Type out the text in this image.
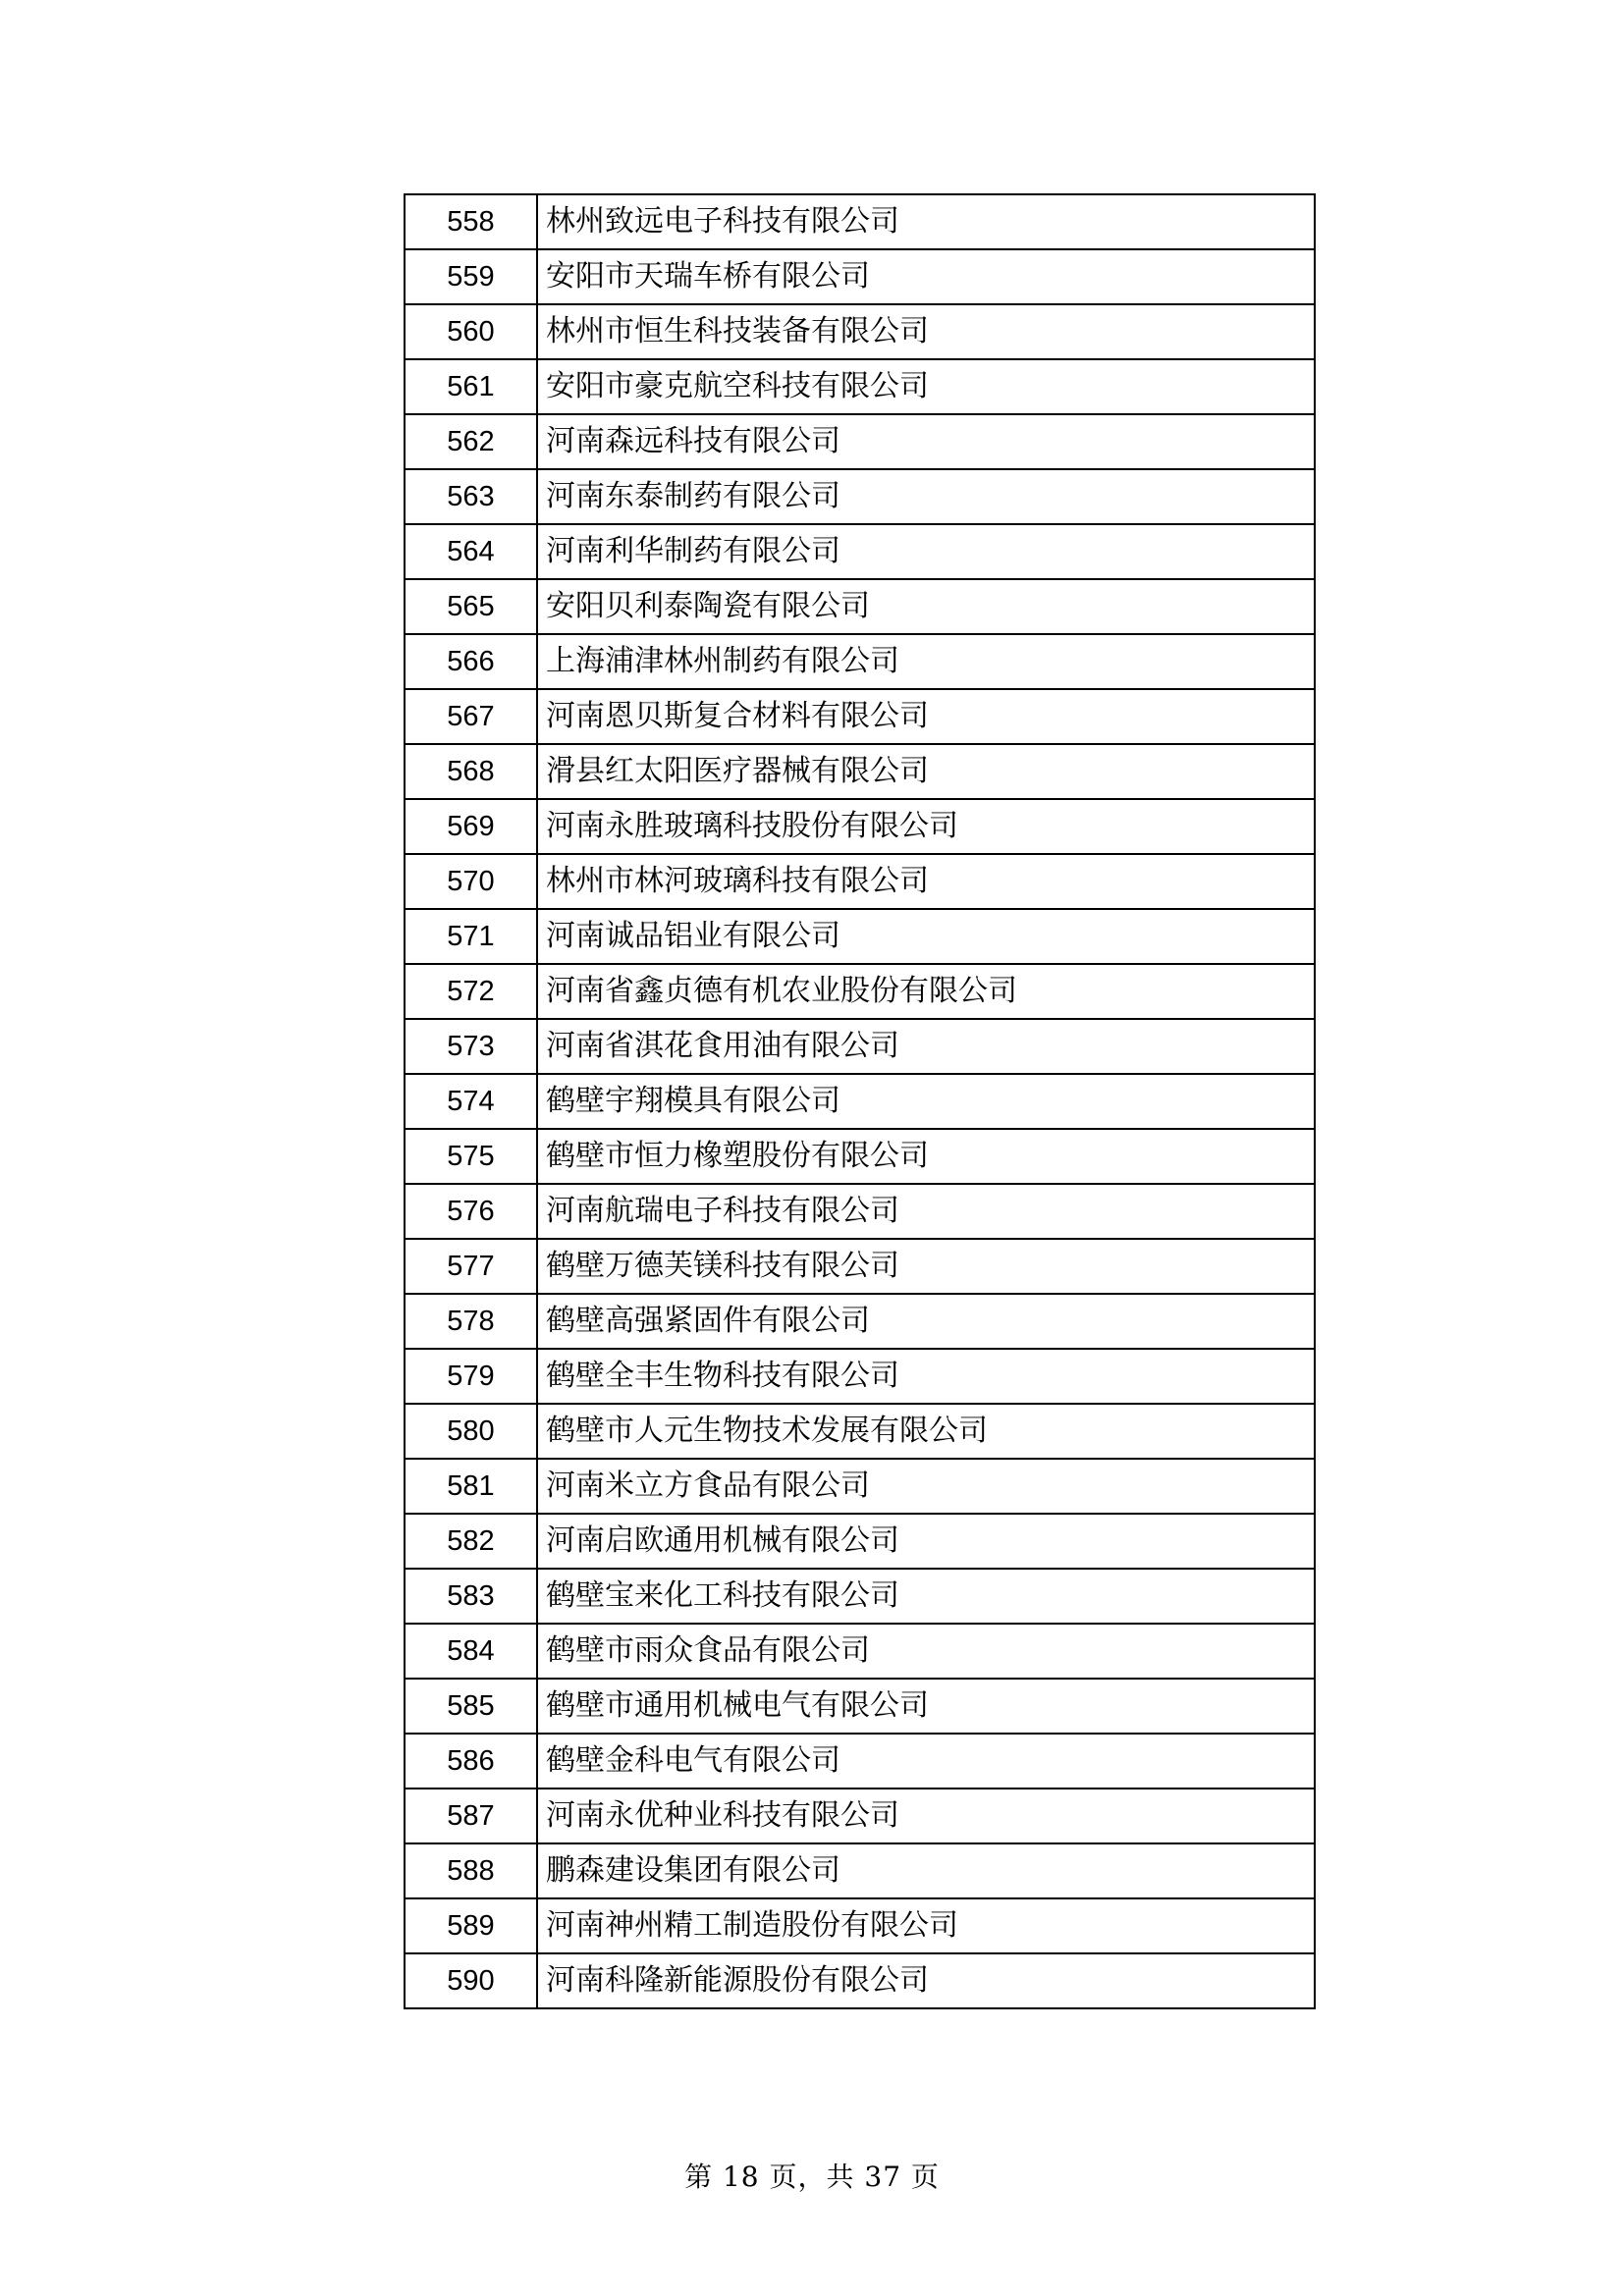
558	林州致远电子科技有限公司
559	安阳市天瑞车桥有限公司
560	林州市恒生科技装备有限公司
561	安阳市豪克航空科技有限公司
562	河南森远科技有限公司
563	河南东泰制药有限公司
564	河南利华制药有限公司
565	安阳贝利泰陶瓷有限公司
566	上海浦津林州制药有限公司
567	河南恩贝斯复合材料有限公司
568	滑县红太阳医疗器械有限公司
569	河南永胜玻璃科技股份有限公司
570	林州市林河玻璃科技有限公司
571	河南诚品铝业有限公司
572	河南省鑫贞德有机农业股份有限公司
573	河南省淇花食用油有限公司
574	鹤壁宇翔模具有限公司
575	鹤壁市恒力橡塑股份有限公司
576	河南航瑞电子科技有限公司
577	鹤壁万德芙镁科技有限公司
578	鹤壁高强紧固件有限公司
579	鹤壁全丰生物科技有限公司
580	鹤壁市人元生物技术发展有限公司
581	河南米立方食品有限公司
582	河南启欧通用机械有限公司
583	鹤壁宝来化工科技有限公司
584	鹤壁市雨众食品有限公司
585	鹤壁市通用机械电气有限公司
586	鹤壁金科电气有限公司
587	河南永优种业科技有限公司
588	鹏森建设集团有限公司
589	河南神州精工制造股份有限公司
590	河南科隆新能源股份有限公司
第 18 页，共 37 页
